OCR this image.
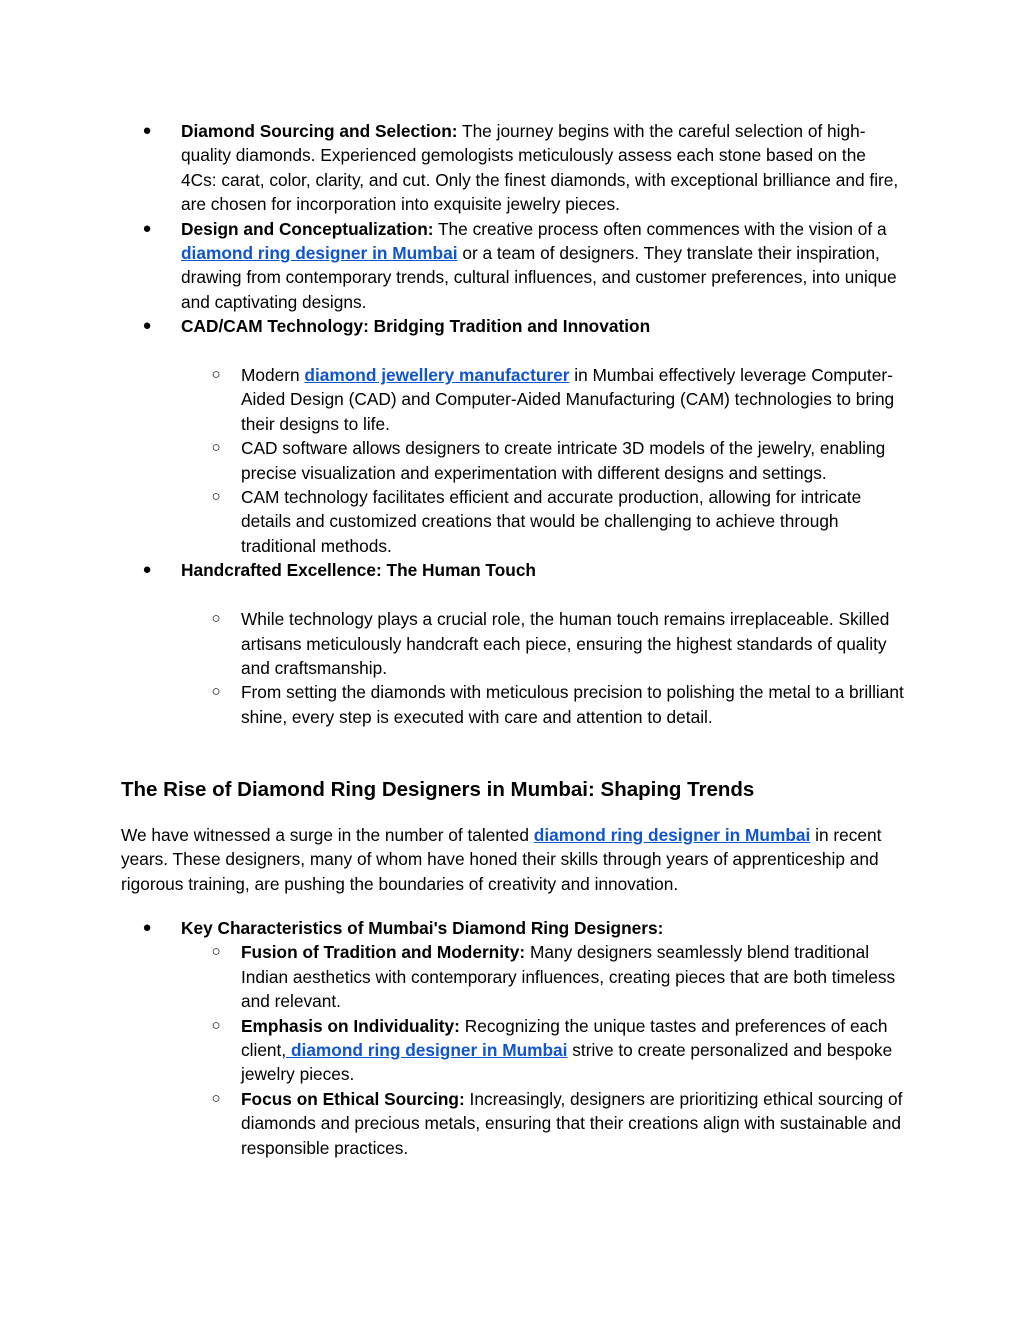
● Diamond Sourcing and Selection: The journey begins with the careful selection of high-quality diamonds. Experienced gemologists meticulously assess each stone based on the 4Cs: carat, color, clarity, and cut. Only the finest diamonds, with exceptional brilliance and fire, are chosen for incorporation into exquisite jewelry pieces.
● Design and Conceptualization: The creative process often commences with the vision of a diamond ring designer in Mumbai or a team of designers. They translate their inspiration, drawing from contemporary trends, cultural influences, and customer preferences, into unique and captivating designs.
● CAD/CAM Technology: Bridging Tradition and Innovation
○ Modern diamond jewellery manufacturer in Mumbai effectively leverage Computer-Aided Design (CAD) and Computer-Aided Manufacturing (CAM) technologies to bring their designs to life.
○ CAD software allows designers to create intricate 3D models of the jewelry, enabling precise visualization and experimentation with different designs and settings.
○ CAM technology facilitates efficient and accurate production, allowing for intricate details and customized creations that would be challenging to achieve through traditional methods.
● Handcrafted Excellence: The Human Touch
○ While technology plays a crucial role, the human touch remains irreplaceable. Skilled artisans meticulously handcraft each piece, ensuring the highest standards of quality and craftsmanship.
○ From setting the diamonds with meticulous precision to polishing the metal to a brilliant shine, every step is executed with care and attention to detail.
The Rise of Diamond Ring Designers in Mumbai: Shaping Trends

We have witnessed a surge in the number of talented diamond ring designer in Mumbai in recent years. These designers, many of whom have honed their skills through years of apprenticeship and rigorous training, are pushing the boundaries of creativity and innovation.

● Key Characteristics of Mumbai's Diamond Ring Designers:
○ Fusion of Tradition and Modernity: Many designers seamlessly blend traditional Indian aesthetics with contemporary influences, creating pieces that are both timeless and relevant.
○ Emphasis on Individuality: Recognizing the unique tastes and preferences of each client, diamond ring designer in Mumbai strive to create personalized and bespoke jewelry pieces.
○ Focus on Ethical Sourcing: Increasingly, designers are prioritizing ethical sourcing of diamonds and precious metals, ensuring that their creations align with sustainable and responsible practices.
